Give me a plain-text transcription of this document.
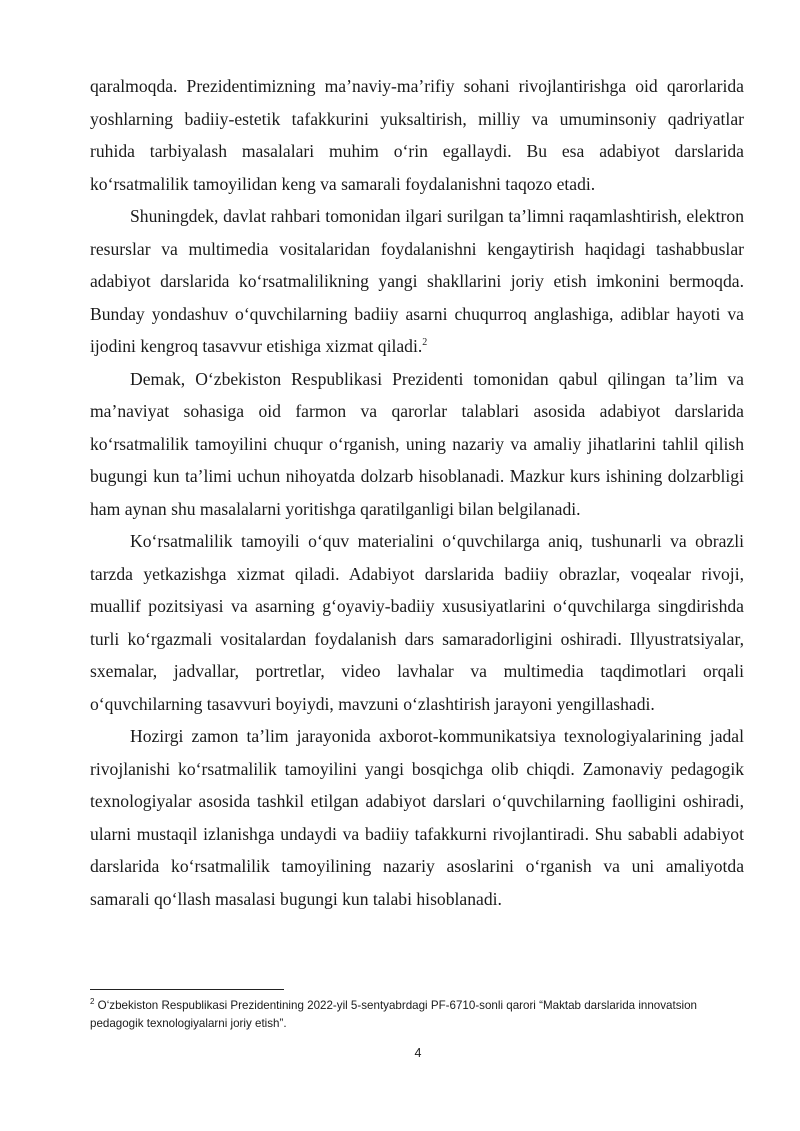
qaralmoqda. Prezidentimizning ma’naviy-ma’rifiy sohani rivojlantirishga oid qarorlarida yoshlarning badiiy-estetik tafakkurini yuksaltirish, milliy va umuminsoniy qadriyatlar ruhida tarbiyalash masalalari muhim o‘rin egallaydi. Bu esa adabiyot darslarida ko‘rsatmalilik tamoyilidan keng va samarali foydalanishni taqozo etadi.

Shuningdek, davlat rahbari tomonidan ilgari surilgan ta’limni raqamlashtirish, elektron resurslar va multimedia vositalaridan foydalanishni kengaytirish haqidagi tashabbuslar adabiyot darslarida ko‘rsatmalilikning yangi shakllarini joriy etish imkonini bermoqda. Bunday yondashuv o‘quvchilarning badiiy asarni chuqurroq anglashiga, adiblar hayoti va ijodini kengroq tasavvur etishiga xizmat qiladi.$^2$

Demak, O‘zbekiston Respublikasi Prezidenti tomonidan qabul qilingan ta’lim va ma’naviyat sohasiga oid farmon va qarorlar talablari asosida adabiyot darslarida ko‘rsatmalilik tamoyilini chuqur o‘rganish, uning nazariy va amaliy jihatlarini tahlil qilish bugungi kun ta’limi uchun nihoyatda dolzarb hisoblanadi. Mazkur kurs ishining dolzarbligi ham aynan shu masalalarni yoritishga qaratilganligi bilan belgilanadi.

Ko‘rsatmalilik tamoyili o‘quv materialini o‘quvchilarga aniq, tushunarli va obrazli tarzda yetkazishga xizmat qiladi. Adabiyot darslarida badiiy obrazlar, voqealar rivoji, muallif pozitsiyasi va asarning g‘oyaviy-badiiy xususiyatlarini o‘quvchilarga singdirishda turli ko‘rgazmali vositalardan foydalanish dars samaradorligini oshiradi. Illyustratsiyalar, sxemalar, jadvallar, portretlar, video lavhalar va multimedia taqdimotlari orqali o‘quvchilarning tasavvuri boyiydi, mavzuni o‘zlashtirish jarayoni yengillashadi.

Hozirgi zamon ta’lim jarayonida axborot-kommunikatsiya texnologiyalarining jadal rivojlanishi ko‘rsatmalilik tamoyilini yangi bosqichga olib chiqdi. Zamonaviy pedagogik texnologiyalar asosida tashkil etilgan adabiyot darslari o‘quvchilarning faolligini oshiradi, ularni mustaqil izlanishga undaydi va badiiy tafakkurni rivojlantiradi. Shu sababli adabiyot darslarida ko‘rsatmalilik tamoyilining nazariy asoslarini o‘rganish va uni amaliyotda samarali qo‘llash masalasi bugungi kun talabi hisoblanadi.

$^2$ O‘zbekiston Respublikasi Prezidentining 2022-yil 5-sentyabrdagi PF-6710-sonli qarori “Maktab darslarida innovatsion pedagogik texnologiyalarni joriy etish”.
4
